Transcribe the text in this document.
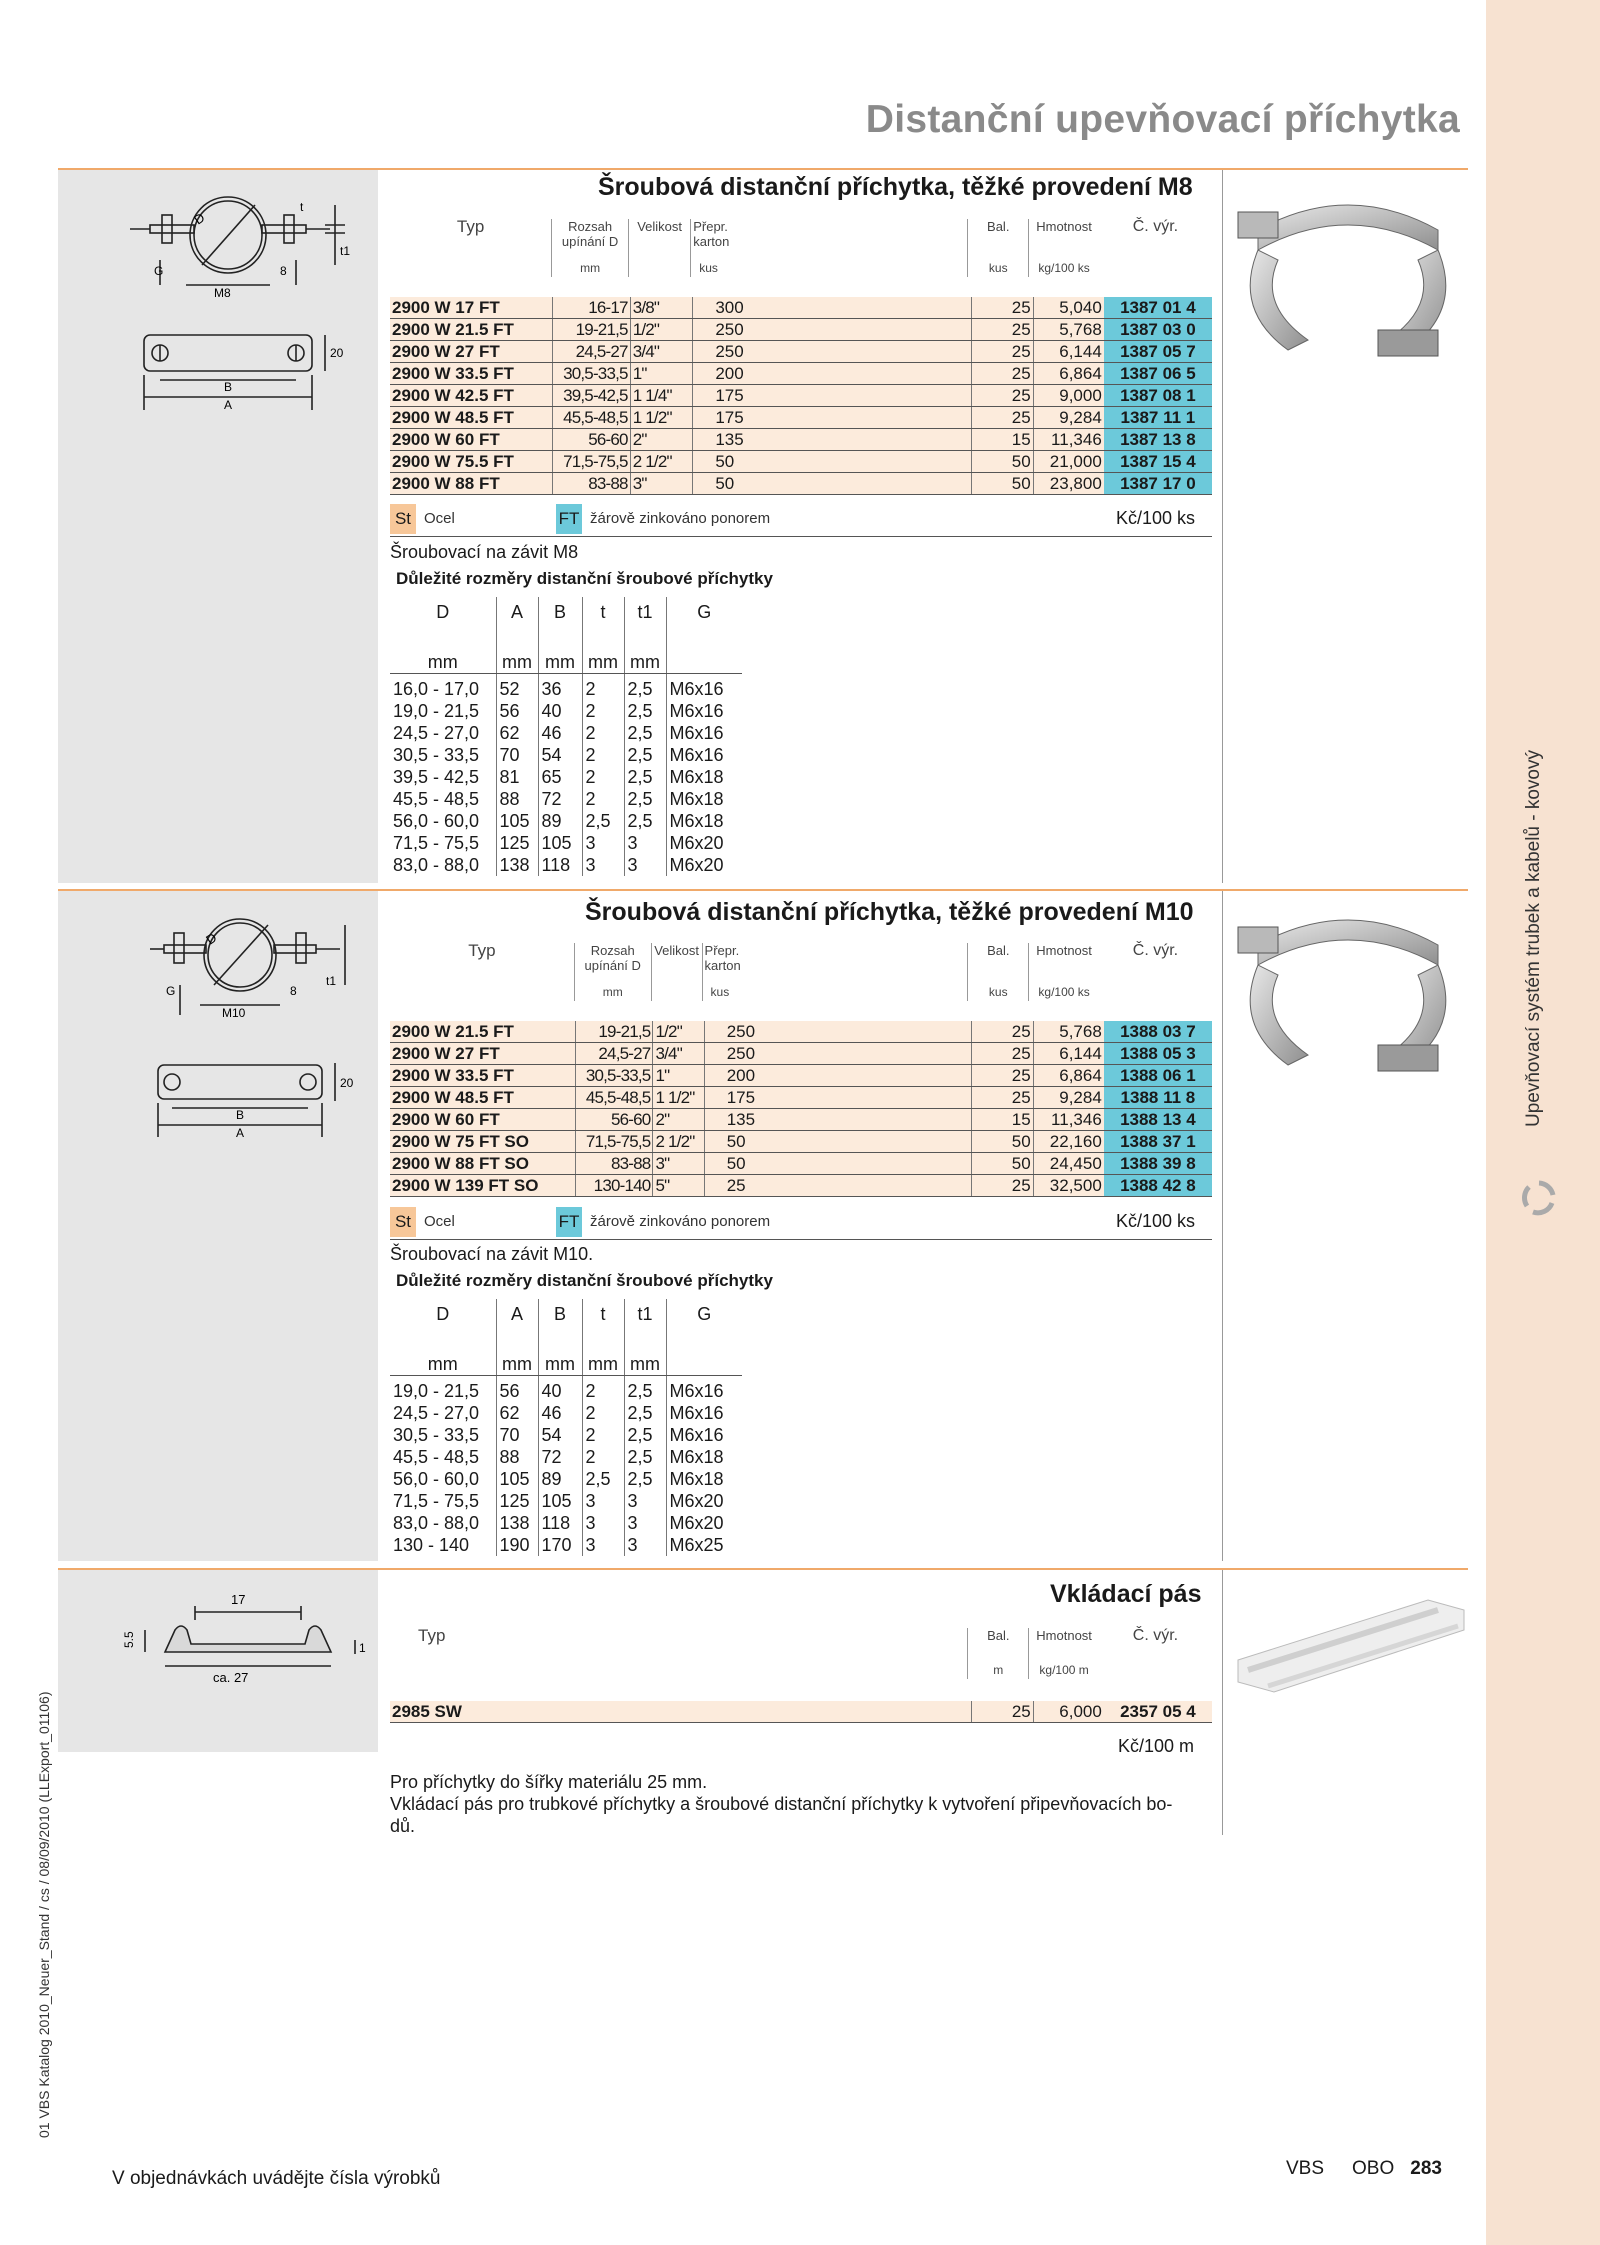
Upevňovací systém trubek a kabelů - kovový
01 VBS Katalog 2010_Neuer_Stand / cs / 08/09/2010 (LLExport_01106)
Distanční upevňovací příchytka
D
t
t1
G
M8
8
20
B
A
Šroubová distanční příchytka, těžké provedení M8
Typ	Rozsah
upínání D	Velikost	Přepr.
karton	Bal.	Hmotnost	Č. výr.
	mm		kus	kus	kg/100 ks	
2900 W 17 FT	16-17	3/8"	300	25	5,040	1387 01 4
2900 W 21.5 FT	19-21,5	1/2"	250	25	5,768	1387 03 0
2900 W 27 FT	24,5-27	3/4"	250	25	6,144	1387 05 7
2900 W 33.5 FT	30,5-33,5	1"	200	25	6,864	1387 06 5
2900 W 42.5 FT	39,5-42,5	1 1/4"	175	25	9,000	1387 08 1
2900 W 48.5 FT	45,5-48,5	1 1/2"	175	25	9,284	1387 11 1
2900 W 60 FT	56-60	2"	135	15	11,346	1387 13 8
2900 W 75.5 FT	71,5-75,5	2 1/2"	50	50	21,000	1387 15 4
2900 W 88 FT	83-88	3"	50	50	23,800	1387 17 0
St Ocel	FT žárově zinkováno ponorem	Kč/100 ks
Šroubovací na závit M8
Důležité rozměry distanční šroubové příchytky
D	A	B	t	t1	G
mm	mm	mm	mm	mm	
16,0 - 17,0	52	36	2	2,5	M6x16
19,0 - 21,5	56	40	2	2,5	M6x16
24,5 - 27,0	62	46	2	2,5	M6x16
30,5 - 33,5	70	54	2	2,5	M6x16
39,5 - 42,5	81	65	2	2,5	M6x18
45,5 - 48,5	88	72	2	2,5	M6x18
56,0 - 60,0	105	89	2,5	2,5	M6x18
71,5 - 75,5	125	105	3	3	M6x20
83,0 - 88,0	138	118	3	3	M6x20
D
G
M10
8
t1
20
B
A
Šroubová distanční příchytka, těžké provedení M10
Typ	Rozsah
upínání D	Velikost	Přepr.
karton	Bal.	Hmotnost	Č. výr.
	mm		kus	kus	kg/100 ks	
2900 W 21.5 FT	19-21,5	1/2"	250	25	5,768	1388 03 7
2900 W 27 FT	24,5-27	3/4"	250	25	6,144	1388 05 3
2900 W 33.5 FT	30,5-33,5	1"	200	25	6,864	1388 06 1
2900 W 48.5 FT	45,5-48,5	1 1/2"	175	25	9,284	1388 11 8
2900 W 60 FT	56-60	2"	135	15	11,346	1388 13 4
2900 W 75 FT SO	71,5-75,5	2 1/2"	50	50	22,160	1388 37 1
2900 W 88 FT SO	83-88	3"	50	50	24,450	1388 39 8
2900 W 139 FT SO	130-140	5"	25	25	32,500	1388 42 8
St Ocel	FT žárově zinkováno ponorem	Kč/100 ks
Šroubovací na závit M10.
Důležité rozměry distanční šroubové příchytky
D	A	B	t	t1	G
mm	mm	mm	mm	mm	
19,0 - 21,5	56	40	2	2,5	M6x16
24,5 - 27,0	62	46	2	2,5	M6x16
30,5 - 33,5	70	54	2	2,5	M6x16
45,5 - 48,5	88	72	2	2,5	M6x18
56,0 - 60,0	105	89	2,5	2,5	M6x18
71,5 - 75,5	125	105	3	3	M6x20
83,0 - 88,0	138	118	3	3	M6x20
130 - 140	190	170	3	3	M6x25
17
5.5	1
ca. 27
Vkládací pás
Typ	Bal.	Hmotnost	Č. výr.
	m	kg/100 m	
2985 SW	25	6,000	2357 05 4
Kč/100 m
Pro příchytky do šířky materiálu 25 mm.
Vkládací pás pro trubkové příchytky a šroubové distanční příchytky k vytvoření připevňovacích bo-
dů.
V objednávkách uvádějte čísla výrobků	VBS OBO 283
